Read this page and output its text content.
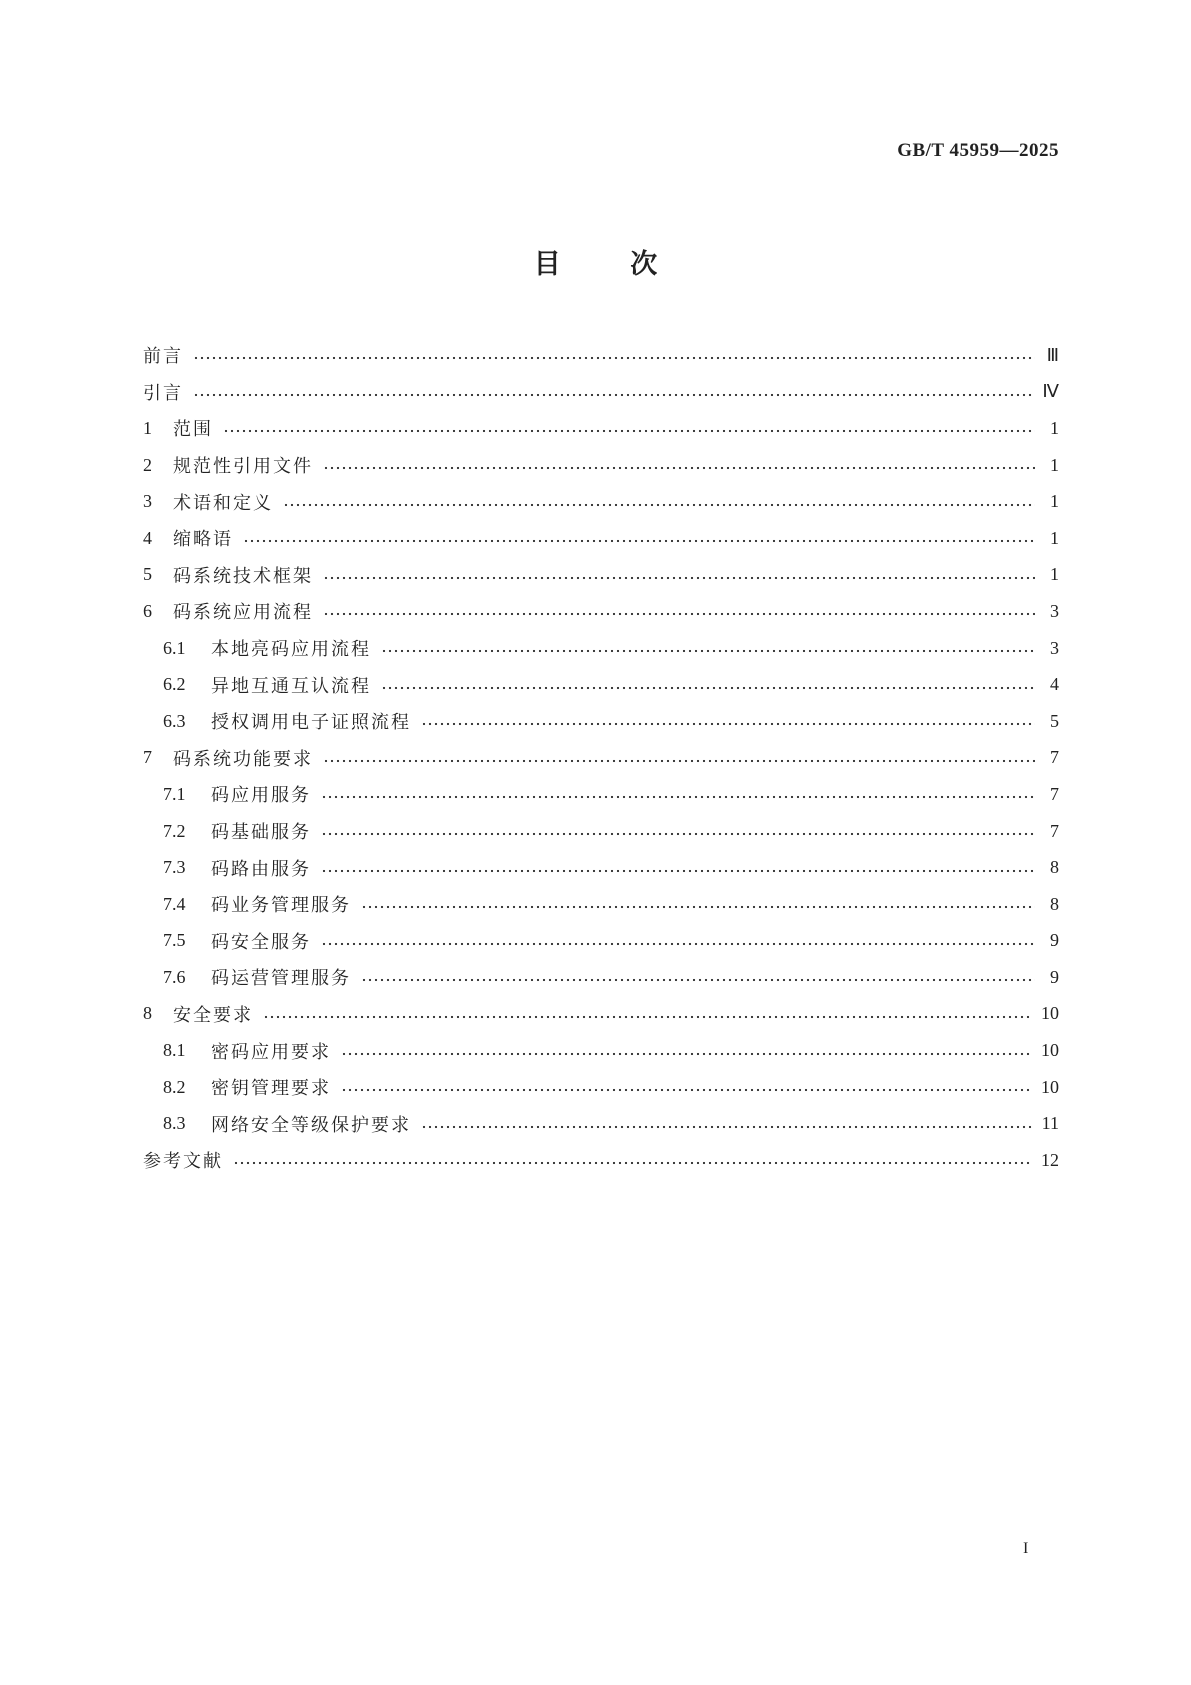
GB/T 45959—2025
目	次
前言	Ⅲ
引言	Ⅳ
1	范围	1
2	规范性引用文件	1
3	术语和定义	1
4	缩略语	1
5	码系统技术框架	1
6	码系统应用流程	3
6.1	本地亮码应用流程	3
6.2	异地互通互认流程	4
6.3	授权调用电子证照流程	5
7	码系统功能要求	7
7.1	码应用服务	7
7.2	码基础服务	7
7.3	码路由服务	8
7.4	码业务管理服务	8
7.5	码安全服务	9
7.6	码运营管理服务	9
8	安全要求	10
8.1	密码应用要求	10
8.2	密钥管理要求	10
8.3	网络安全等级保护要求	11
参考文献	12
I
